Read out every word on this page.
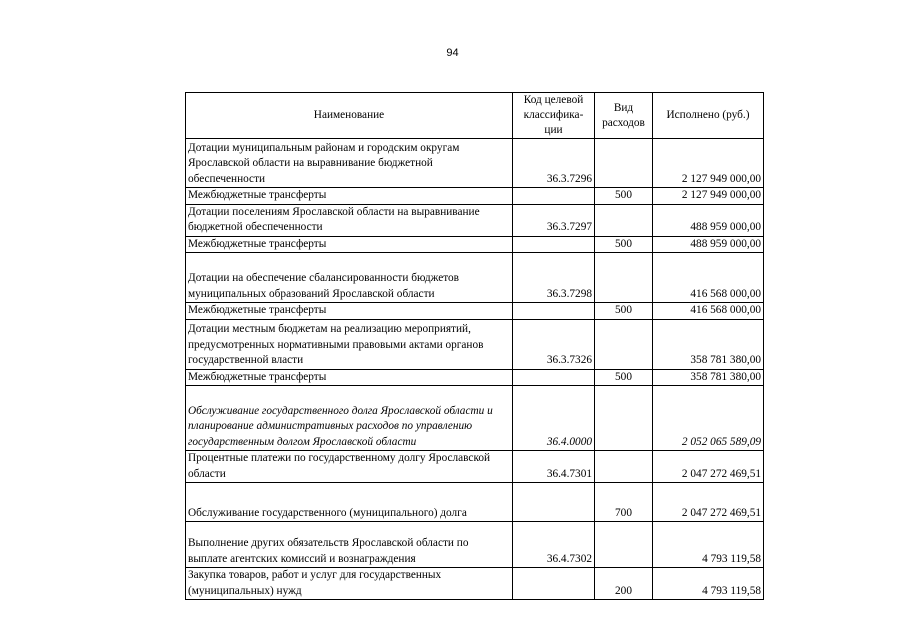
94
Наименование	Код целевой классифика-ции	Вид расходов	Исполнено (руб.)
Дотации муниципальным районам и городским округам Ярославской области на выравнивание бюджетной обеспеченности	36.3.7296		2 127 949 000,00
Межбюджетные трансферты		500	2 127 949 000,00
Дотации поселениям Ярославской области на выравнивание бюджетной обеспеченности	36.3.7297		488 959 000,00
Межбюджетные трансферты		500	488 959 000,00
Дотации на обеспечение сбалансированности бюджетов муниципальных образований Ярославской области	36.3.7298		416 568 000,00
Межбюджетные трансферты		500	416 568 000,00
Дотации местным бюджетам на реализацию мероприятий, предусмотренных нормативными правовыми актами органов государственной власти	36.3.7326		358 781 380,00
Межбюджетные трансферты		500	358 781 380,00
Обслуживание государственного долга Ярославской области и планирование административных расходов по управлению государственным долгом Ярославской области	36.4.0000		2 052 065 589,09
Процентные платежи по государственному долгу Ярославской области	36.4.7301		2 047 272 469,51
Обслуживание государственного (муниципального) долга		700	2 047 272 469,51
Выполнение других обязательств Ярославской области по выплате агентских комиссий и вознаграждения	36.4.7302		4 793 119,58
Закупка товаров, работ и услуг для государственных (муниципальных) нужд		200	4 793 119,58
